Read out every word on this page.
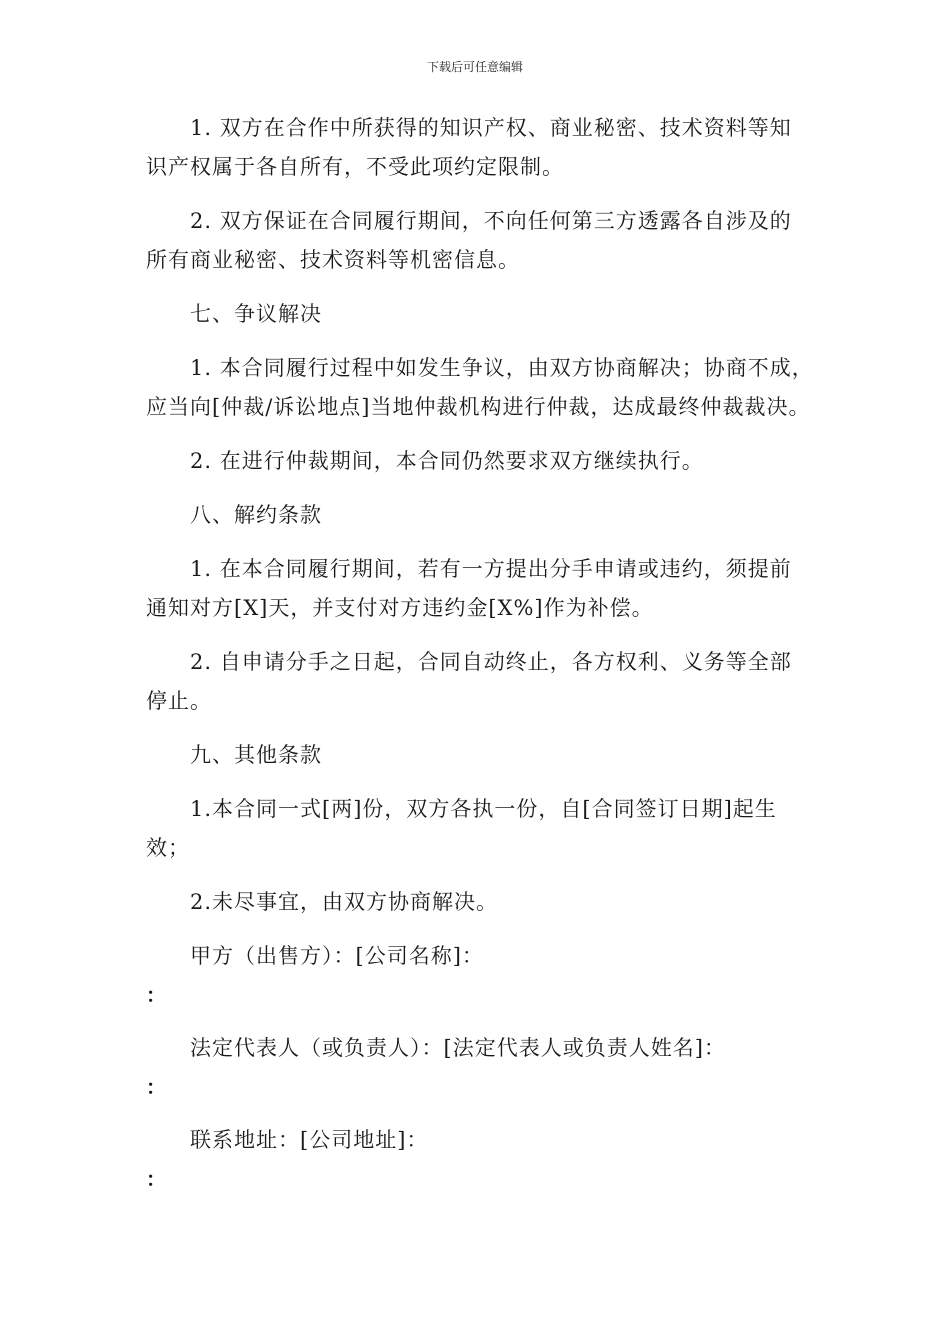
下载后可任意编辑
1. 双方在合作中所获得的知识产权、商业秘密、技术资料等知
识产权属于各自所有，不受此项约定限制。
2. 双方保证在合同履行期间，不向任何第三方透露各自涉及的
所有商业秘密、技术资料等机密信息。
七、争议解决
1. 本合同履行过程中如发生争议，由双方协商解决；协商不成，
应当向[仲裁/诉讼地点]当地仲裁机构进行仲裁，达成最终仲裁裁决。
2. 在进行仲裁期间，本合同仍然要求双方继续执行。
八、解约条款
1. 在本合同履行期间，若有一方提出分手申请或违约，须提前
通知对方[X]天，并支付对方违约金[X%]作为补偿。
2. 自申请分手之日起，合同自动终止，各方权利、义务等全部
停止。
九、其他条款
1.本合同一式[两]份，双方各执一份，自[合同签订日期]起生
效；
2.未尽事宜，由双方协商解决。
甲方（出售方）：[公司名称]：
：
法定代表人（或负责人）：[法定代表人或负责人姓名]：
：
联系地址：[公司地址]：
：
